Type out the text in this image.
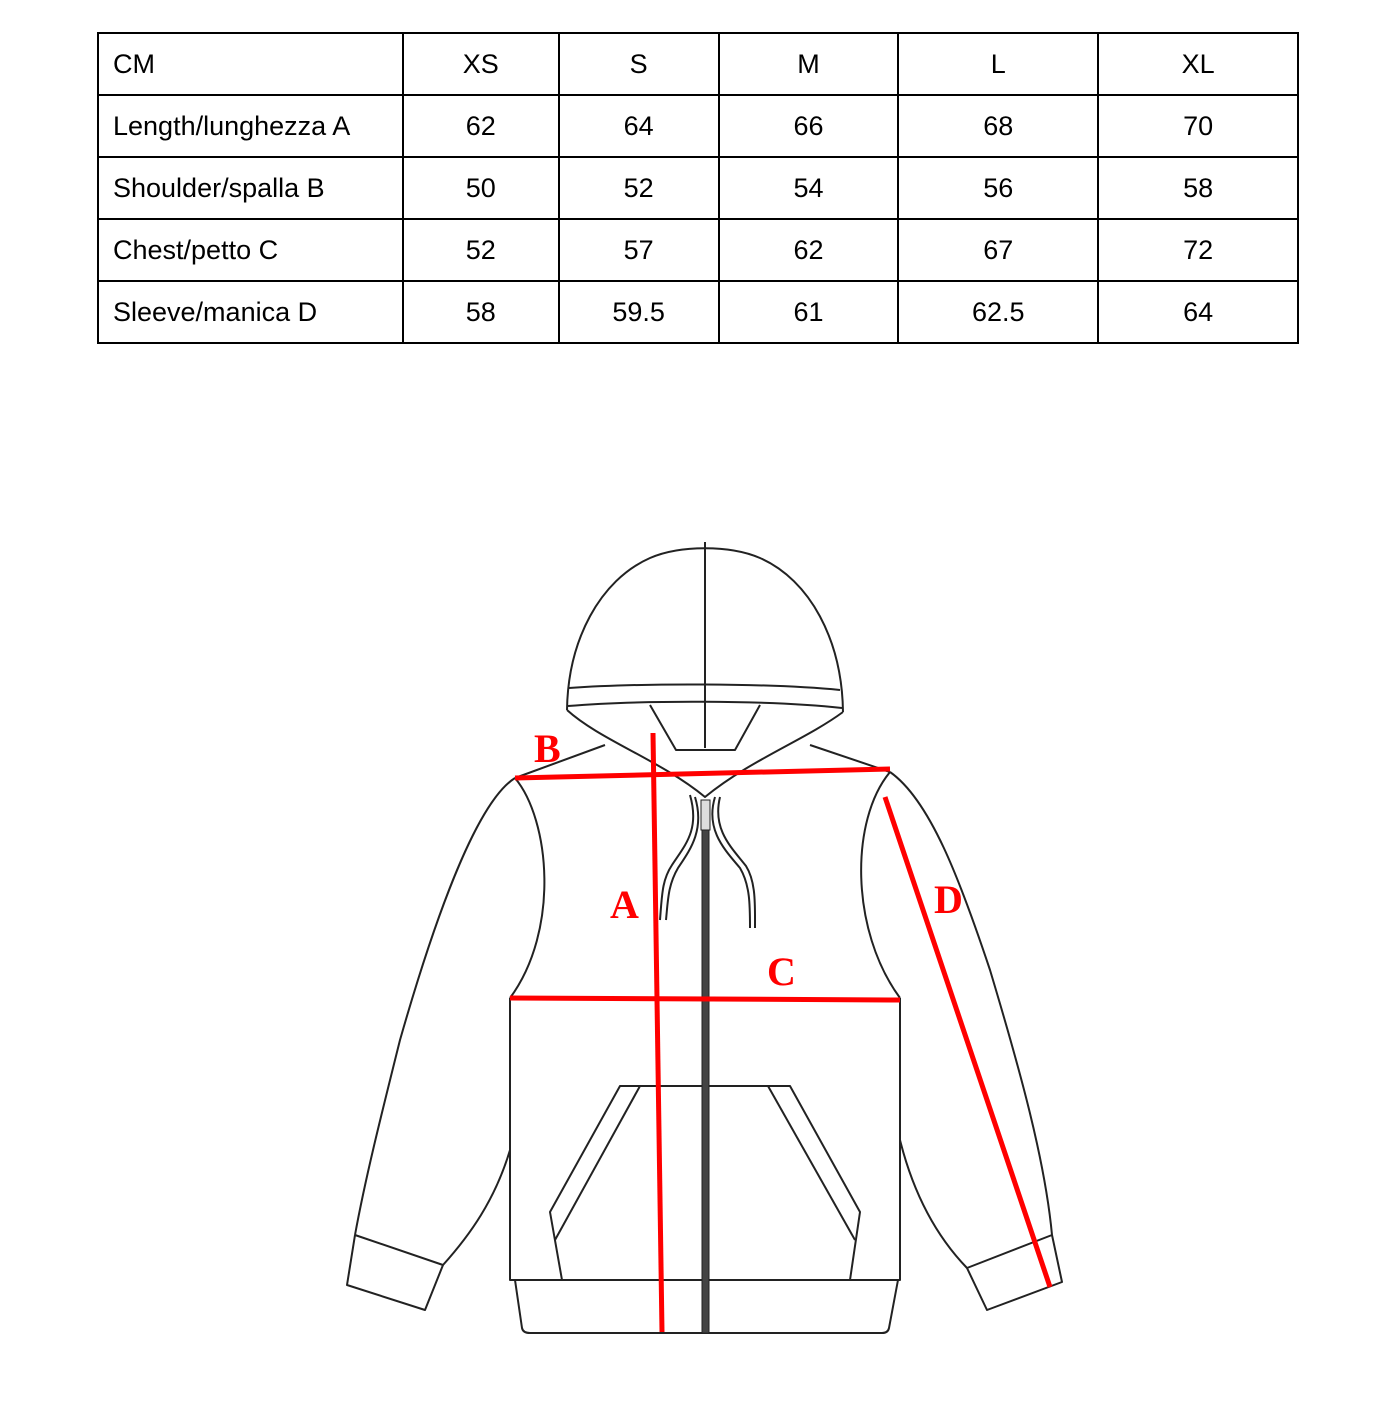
CM	XS	S	M	L	XL
Length/lunghezza A	62	64	66	68	70
Shoulder/spalla B	50	52	54	56	58
Chest/petto C	52	57	62	67	72
Sleeve/manica D	58	59.5	61	62.5	64
B
A
C
D
